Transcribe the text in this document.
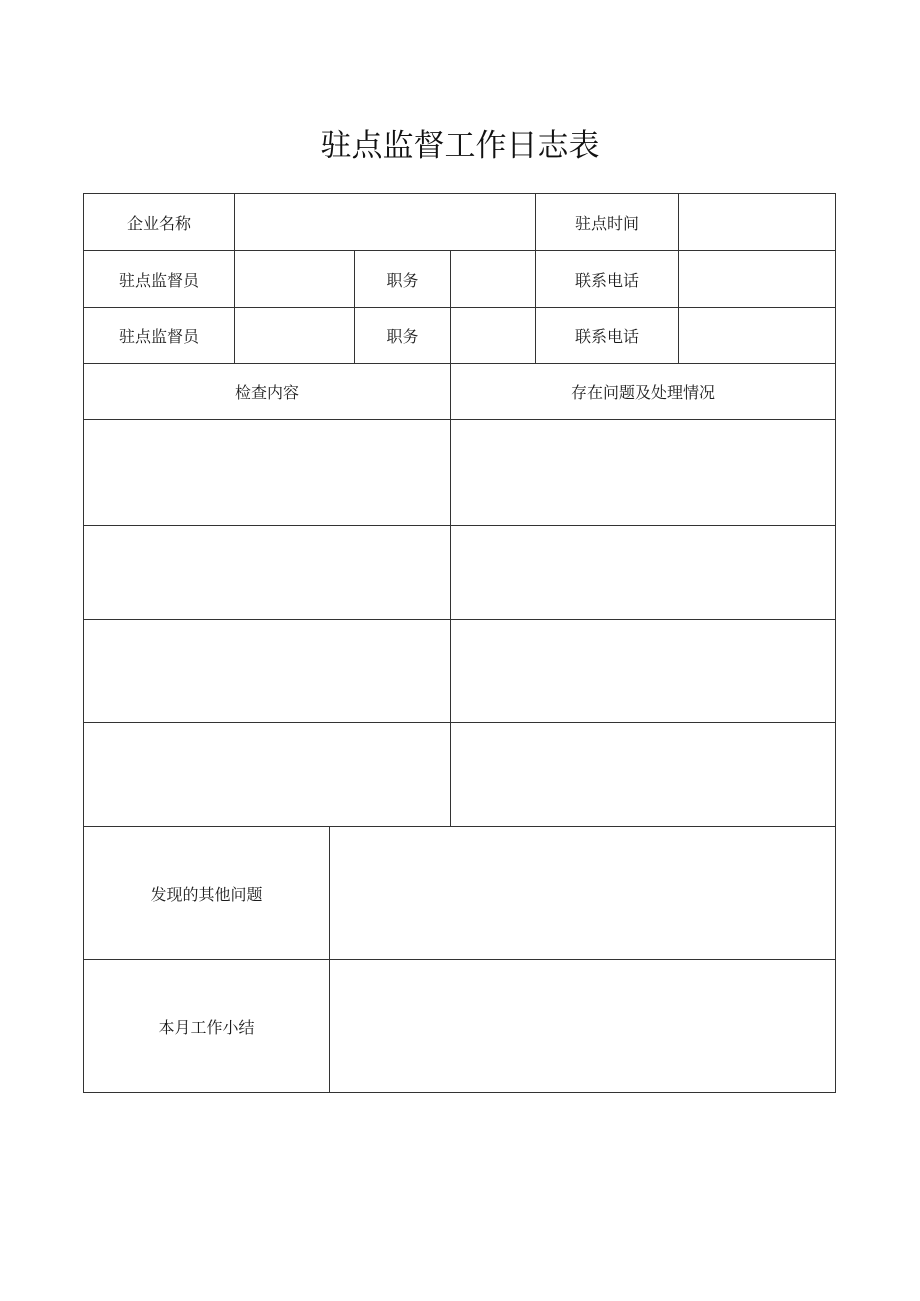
驻点监督工作日志表
企业名称	驻点时间
驻点监督员	职务	联系电话
驻点监督员	职务	联系电话
检查内容	存在问题及处理情况
发现的其他问题
本月工作小结
